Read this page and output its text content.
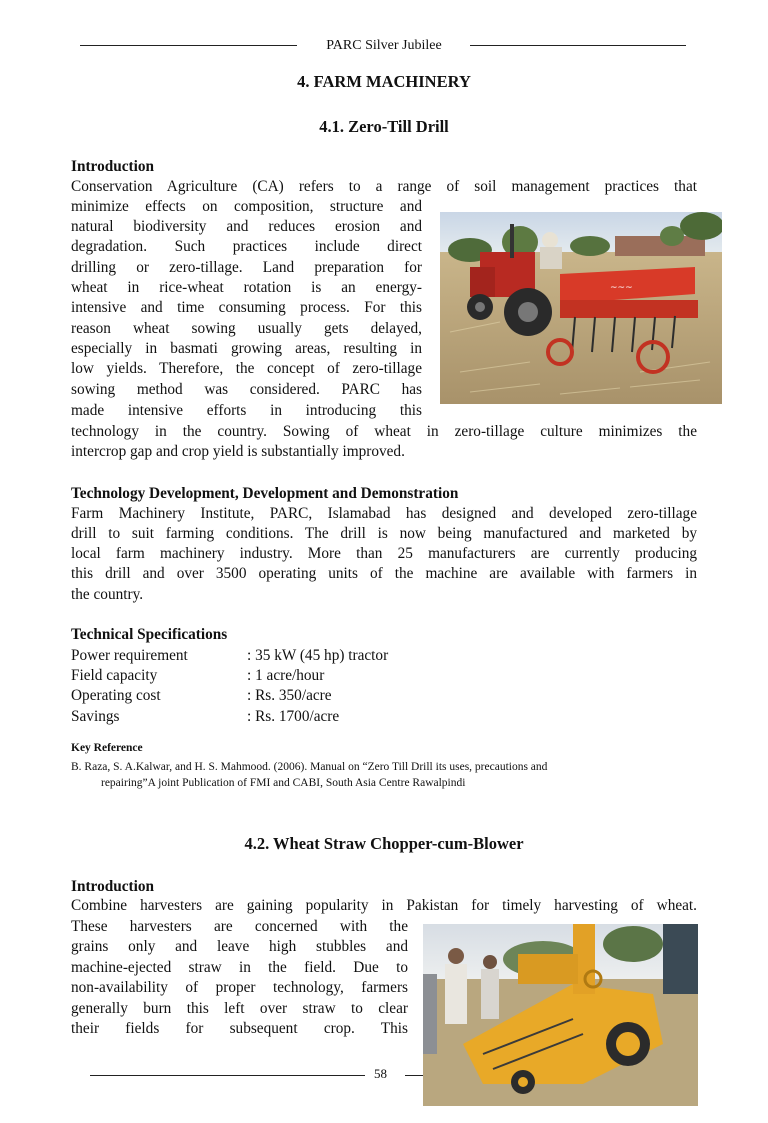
PARC Silver Jubilee
4. FARM MACHINERY
4.1. Zero-Till Drill
Introduction
Conservation Agriculture (CA) refers to a range of soil management practices that
minimize effects on composition, structure and
natural biodiversity and reduces erosion and
degradation. Such practices include direct
drilling or zero-tillage. Land preparation for
wheat in rice-wheat rotation is an energy-
intensive and time consuming process. For this
reason wheat sowing usually gets delayed,
especially in basmati growing areas, resulting in
low yields. Therefore, the concept of zero-tillage
sowing method was considered. PARC has
made intensive efforts in introducing this
technology in the country. Sowing of wheat in zero-tillage culture minimizes the
intercrop gap and crop yield is substantially improved.
~~~
Technology Development, Development and Demonstration
Farm Machinery Institute, PARC, Islamabad has designed and developed zero-tillage
drill to suit farming conditions. The drill is now being manufactured and marketed by
local farm machinery industry. More than 25 manufacturers are currently producing
this drill and over 3500 operating units of the machine are available with farmers in
the country.
Technical Specifications
Power requirement	: 35 kW (45 hp) tractor
Field capacity	: 1 acre/hour
Operating cost	: Rs. 350/acre
Savings	: Rs. 1700/acre
Key Reference
B. Raza, S. A.Kalwar, and H. S. Mahmood. (2006). Manual on “Zero Till Drill its uses, precautions and
repairing”A joint Publication of FMI and CABI, South Asia Centre Rawalpindi
4.2. Wheat Straw Chopper-cum-Blower
Introduction
Combine harvesters are gaining popularity in Pakistan for timely harvesting of wheat.
These harvesters are concerned with the
grains only and leave high stubbles and
machine-ejected straw in the field. Due to
non-availability of proper technology, farmers
generally burn this left over straw to clear
their fields for subsequent crop. This
58
